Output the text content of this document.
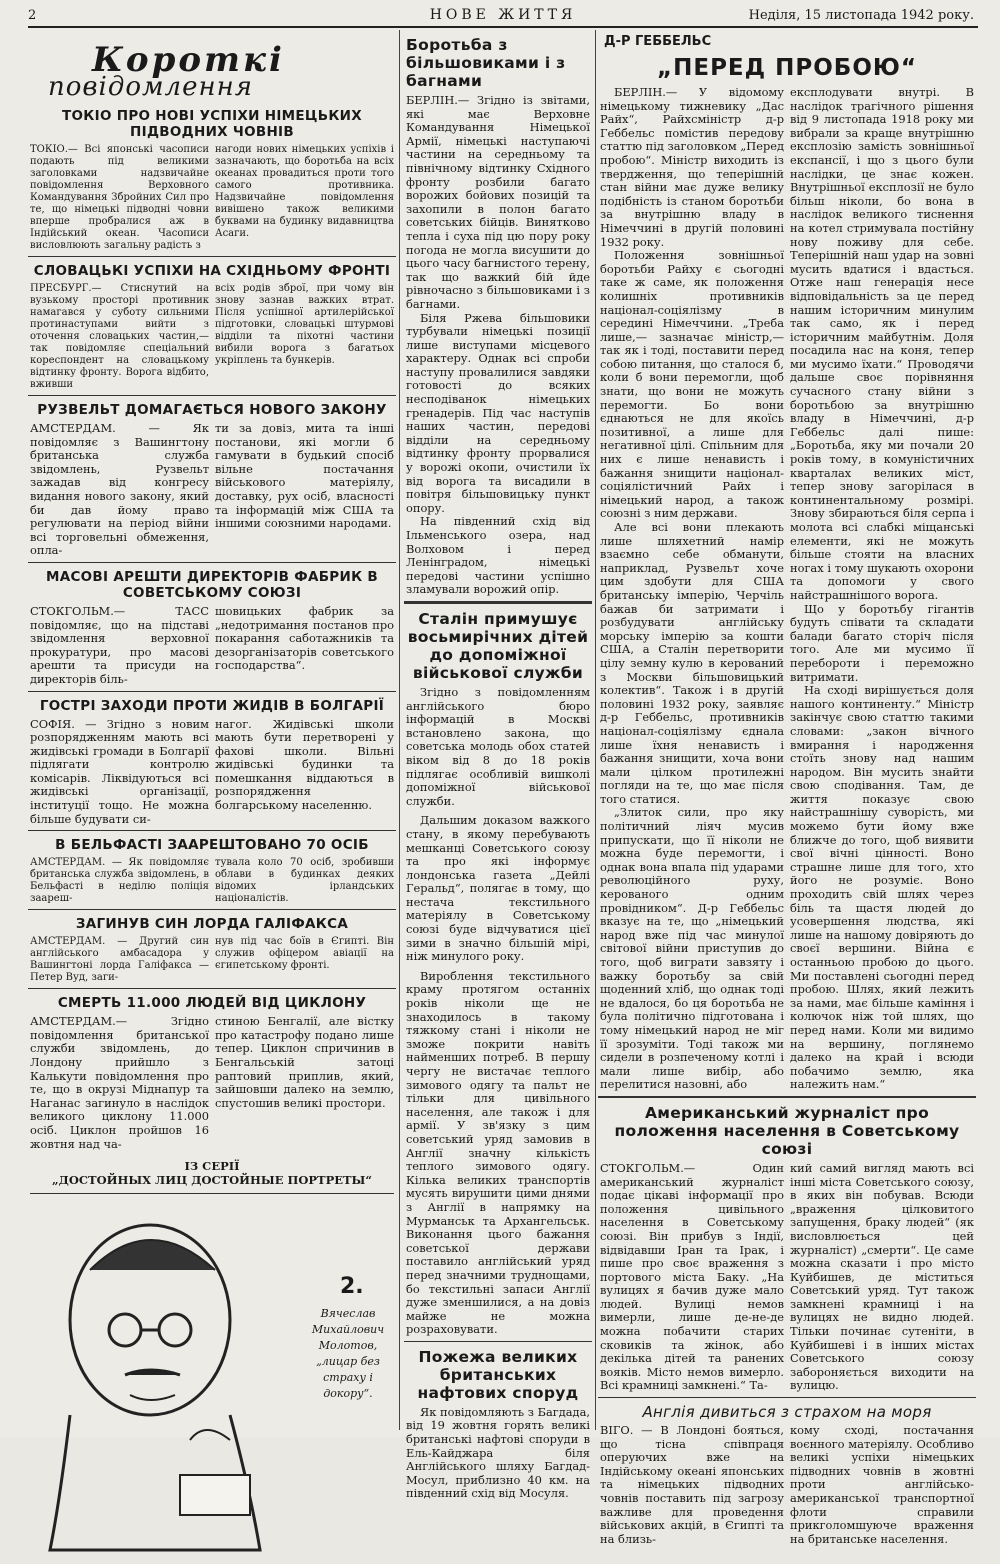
2	НОВЕ ЖИТТЯ	Неділя, 15 листопада 1942 року.
Короткі
повідомлення
ТОКІО ПРО НОВІ УСПІХИ НІМЕЦЬКИХ ПІДВОДНИХ ЧОВНІВ

ТОКІО.— Всі японські часописи подають під великими заголовками надзвичайне повідомлення Верховного Командування Збройних Сил про те, що німецькі підводні човни вперше пробралися аж в Індійський океан. Часописи висловлюють загальну радість з

нагоди нових німецьких успіхів і зазначають, що боротьба на всіх океанах провадиться проти того самого противника. Надзвичайне повідомлення вивішено також великими буквами на будинку видавництва Асаги.

СЛОВАЦЬКІ УСПІХИ НА СХІДНЬОМУ ФРОНТІ

ПРЕСБУРГ.— Стиснутий на вузькому просторі противник намагався у суботу сильними протинаступами вийти з оточення словацьких частин,— так повідомляє спеціальний кореспондент на словацькому відтинку фронту. Ворога відбито, вживши

всіх родів зброї, при чому він знову зазнав важких втрат. Після успішної артилерійської підготовки, словацькі штурмові відділи та піхотні частини вибили ворога з багатьох укріплень та бункерів.

РУЗВЕЛЬТ ДОМАГАЄТЬСЯ НОВОГО ЗАКОНУ

АМСТЕРДАМ. — Як повідомляє з Вашингтону британська служба звідомлень, Рузвельт зажадав від конгресу видання нового закону, який би дав йому право регулювати на період війни всі торговельні обмеження, опла-

ти за довіз, мита та інші постанови, які могли б гамувати в будький спосіб вільне постачання військового матеріялу, доставку, рух осіб, власності та інформацій між США та іншими союзними народами.

МАСОВІ АРЕШТИ ДИРЕКТОРІВ ФАБРИК В СОВЕТСЬКОМУ СОЮЗІ

СТОКГОЛЬМ.— ТАСС повідомляє, що на підставі звідомлення верховної прокуратури, про масові арешти та присуди на директорів біль-

шовицьких фабрик за „недотримання постанов про покарання саботажників та дезорганізаторів советського господарства“.

ГОСТРІ ЗАХОДИ ПРОТИ ЖИДІВ В БОЛГАРІЇ

СОФІЯ. — Згідно з новим розпорядженням мають всі жидівські громади в Болгарії підлягати контролю комісарів. Ліквідуються всі жидівські організації, інституції тощо. Не можна більше будувати си-

нагог. Жидівські школи мають бути перетворені у фахові школи. Вільні жидівські будинки та помешкання віддаються в розпорядження болгарському населенню.

В БЕЛЬФАСТІ ЗААРЕШТОВАНО 70 ОСІБ

АМСТЕРДАМ. — Як повідомляє британська служба звідомлень, в Бельфасті в неділю поліція заареш-

тувала коло 70 осіб, зробивши облави в будинках деяких відомих ірландських націоналістів.

ЗАГИНУВ СИН ЛОРДА ГАЛІФАКСА

АМСТЕРДАМ. — Другий син англійського амбасадора у Вашингтоні лорда Галіфакса — Петер Вуд, заги-

нув під час боїв в Єгипті. Він служив офіцером авіації на єгипетському фронті.

СМЕРТЬ 11.000 ЛЮДЕЙ ВІД ЦИКЛОНУ

АМСТЕРДАМ.— Згідно повідомлення британської служби звідомлень, до Лондону прийшло з Калькути повідомлення про те, що в окрузі Міднапур та Наганас загинуло в наслідок великого циклону 11.000 осіб. Циклон пройшов 16 жовтня над ча-

стиною Бенгалії, але вістку про катастрофу подано лише тепер. Циклон спричинив в Бенгальській затоці раптовий приплив, який, зайшовши далеко на землю, спустошив великі простори.

ІЗ СЕРІЇ
„ДОСТОЙНЫХ ЛИЦ ДОСТОЙНЫЕ ПОРТРЕТЫ“
2.
Вячеслав Михайлович Молотов, „лицар без страху і докору“.
Боротьба з більшовиками і з багнами

БЕРЛІН.— Згідно із звітами, які має Верховне Командування Німецької Армії, німецькі наступаючі частини на середньому та північному відтинку Східного фронту розбили багато ворожих бойових позицій та захопили в полон багато советських бійців. Винятково тепла і суха під цю пору року погода не могла висушити до цього часу багнистого терену, так що важкий бій йде рівночасно з більшовиками і з багнами.

Біля Ржева більшовики турбували німецькі позиції лише виступами місцевого характеру. Однак всі спроби наступу провалилися завдяки готовості до всяких несподіванок німецьких гренадерів. Під час наступів наших частин, передові відділи на середньому відтинку фронту прорвалися у ворожі окопи, очистили їх від ворога та висадили в повітря більшовицьку пункт опору.

На південний схід від Ільменського озера, над Волховом і перед Ленінградом, німецькі передові частини успішно зламували ворожий опір.

Сталін примушує восьмирічних дітей до допоміжної військової служби

Згідно з повідомленням англійського бюро інформацій в Москві встановлено закона, що советська молодь обох статей віком від 8 до 18 років підлягає особливій вишколі допоміжної військової служби.

Дальшим доказом важкого стану, в якому перебувають мешканці Советського союзу та про які інформує лондонська газета „Дейлі Геральд“, полягає в тому, що нестача текстильного матеріялу в Советському союзі буде відчуватися цієї зими в значно більшій мірі, ніж минулого року.

Вироблення текстильного краму протягом останніх років ніколи ще не знаходилось в такому тяжкому стані і ніколи не зможе покрити навіть найменших потреб. В першу чергу не вистачає теплого зимового одягу та пальт не тільки для цивільного населення, але також і для армії. У зв'язку з цим советський уряд замовив в Англії значну кількість теплого зимового одягу. Кілька великих транспортів мусять вирушити цими днями з Англії в напрямку на Мурманськ та Архангельськ. Виконання цього бажання советської держави поставило англійський уряд перед значними труднощами, бо текстильні запаси Англії дуже зменшилися, а на довіз майже не можна розраховувати.

Пожежа великих британських нафтових споруд

Як повідомляють з Багдада, від 19 жовтня горять великі британські нафтові споруди в Ель-Кайджара біля Англійського шляху Багдад-Мосул, приблизно 40 км. на південний схід від Мосуля.

Д-Р ГЕББЕЛЬС
„ПЕРЕД ПРОБОЮ“

БЕРЛІН.— У відомому німецькому тижневику „Дас Райх“, Райхсміністр д-р Геббельс помістив передову статтю під заголовком „Перед пробою“. Міністр виходить із твердження, що теперішній стан війни має дуже велику подібність із станом боротьби за внутрішню владу в Німеччині в другій половині 1932 року.

Положення зовнішньої боротьби Райху є сьогодні таке ж саме, як положення колишніх противників націонал-соціялізму в середині Німеччини. „Треба лише,— зазначає міністр,— так як і тоді, поставити перед собою питання, що сталося б, коли б вони перемогли, щоб знати, що вони не можуть перемогти. Бо вони єднаються не для якоїсь позитивної, а лише для негативної цілі. Спільним для них є лише ненависть і бажання знищити націонал-соціялістичний Райх і німецький народ, а також союзні з ним держави.

Але всі вони плекають лише шляхетний намір взаємно себе обманути, наприклад, Рузвельт хоче цим здобути для США британську імперію, Черчіль бажав би затримати і розбудувати англійську морську імперію за кошти США, а Сталін перетворити цілу земну кулю в керований з Москви більшовицький колектив“. Також і в другій половині 1932 року, заявляє д-р Геббельс, противників націонал-соціялізму єднала лише їхня ненависть і бажання знищити, хоча вони мали цілком протилежні погляди на те, що має після того статися.

„Злиток сили, про яку політичний ліяч мусив припускати, що її ніколи не можна буде перемогти, і однак вона впала під ударами революційного руху, керованого одним провідником“. Д-р Геббельс вказує на те, що „німецький народ вже під час минулої світової війни приступив до того, щоб виграти завзяту і важку боротьбу за свій щоденний хліб, що однак тоді не вдалося, бо ця боротьба не була політично підготована і тому німецький народ не міг її зрозуміти. Тоді також ми сидели в розпеченому котлі і мали лише вибір, або перелитися назовні, або

експлодувати внутрі. В наслідок трагічного рішення від 9 листопада 1918 року ми вибрали за краще внутрішню експлозію замість зовнішньої експансії, і що з цього були наслідки, це знає кожен. Внутрішньої експлозії не було більш ніколи, бо вона в наслідок великого тиснення на котел стримувала постійну нову поживу для себе. Теперішній наш удар на зовні мусить вдатися і вдасться. Отже наш генерація несе відповідальність за це перед нашим історичним минулим так само, як і перед історичним майбутнім. Доля посадила нас на коня, тепер ми мусимо їхати.“ Проводячи дальше своє порівняння сучасного стану війни з боротьбою за внутрішню владу в Німеччині, д-р Геббельс далі пише: „Боротьба, яку ми почали 20 років тому, в комуністичних кварталах великих міст, тепер знову загорілася в континентальному розмірі. Знову збираються біля серпа і молота всі слабкі міщанські елементи, які не можуть більше стояти на власних ногах і тому шукають охорони та допомоги у свого найстрашнішого ворога.

Що у боротьбу гігантів будуть співати та складати балади багато сторіч після того. Але ми мусимо її перебороти і переможно витримати.

На сході вирішується доля нашого континенту.“ Міністр закінчує свою статтю такими словами: „закон вічного вмирання і народження стоїть знову над нашим народом. Він мусить знайти свою сподівання. Там, де життя показує свою найстрашнішу суворість, ми можемо бути йому вже ближче до того, щоб виявити свої вічні цінності. Воно страшне лише для того, хто його не розуміє. Воно проходить свій шлях через біль та щастя людей до усовершення людства, які лише на нашому довіряють до своєї вершини. Війна є останньою пробою до цього. Ми поставлені сьогодні перед пробою. Шлях, який лежить за нами, має більше каміння і колючок ніж той шлях, що перед нами. Коли ми видимо на вершину, поглянемо далеко на край і всюди побачимо землю, яка належить нам.“

Американський журналіст про положення населення в Советському союзі

СТОКГОЛЬМ.— Один американський журналіст подає цікаві інформації про положення цивільного населення в Советському союзі. Він прибув з Індії, відвідавши Іран та Ірак, і пише про своє враження з портового міста Баку. „На вулицях я бачив дуже мало людей. Вулиці немов вимерли, лише де-не-де можна побачити старих сковиків та жінок, або декілька дітей та ранених вояків. Місто немов вимерло. Всі крамниці замкнені.“ Та-

кий самий вигляд мають всі інші міста Советського союзу, в яких він побував. Всюди „враження цілковитого запущення, браку людей“ (як висловлюється цей журналіст) „смерти“. Це саме можна сказати і про місто Куйбишев, де міститься Советський уряд. Тут також замкнені крамниці і на вулицях не видно людей. Тільки починає сутеніти, в Куйбишеві і в інших містах Советського союзу забороняється виходити на вулицю.

Англія дивиться з страхом на моря

ВІГО. — В Лондоні бояться, що тісна співпраця оперуючих вже на Індійському океані японських та німецьких підводних човнів поставить під загрозу важливе для проведення військових акцій, в Єгипті та на близь-

кому сході, постачання воєнного матеріялу. Особливо великі успіхи німецьких підводних човнів в жовтні проти англійсько-американської транспортної флоти справили прикголомшуюче враження на британське населення.
